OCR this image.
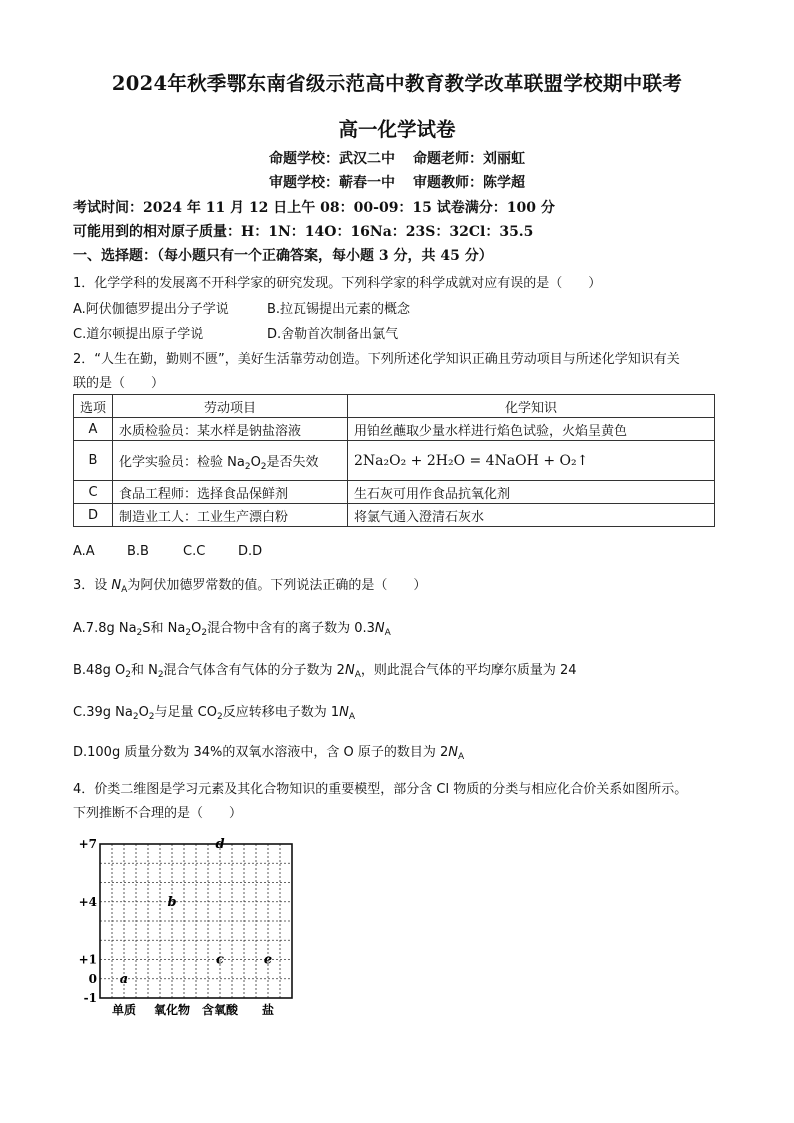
2024年秋季鄂东南省级示范高中教育教学改革联盟学校期中联考
高一化学试卷
命题学校：武汉二中 命题老师：刘丽虹
审题学校：蕲春一中 审题教师：陈学超
考试时间：2024 年 11 月 12 日上午 08：00-09：15 试卷满分：100 分
可能用到的相对原子质量：H：1N：14O：16Na：23S：32Cl：35.5
一、选择题：（每小题只有一个正确答案，每小题 3 分，共 45 分）
1．化学学科的发展离不开科学家的研究发现。下列科学家的科学成就对应有误的是（　　）
A.阿伏伽德罗提出分子学说	B.拉瓦锡提出元素的概念
C.道尔顿提出原子学说	D.舍勒首次制备出氯气
2．“人生在勤，勤则不匮”，美好生活靠劳动创造。下列所述化学知识正确且劳动项目与所述化学知识有关
联的是（　　）
选项	劳动项目	化学知识
A	水质检验员：某水样是钠盐溶液	用铂丝蘸取少量水样进行焰色试验，火焰呈黄色
B	化学实验员：检验 $Na_2O_2$是否失效	2Na₂O₂ + 2H₂O = 4NaOH + O₂↑
C	食品工程师：选择食品保鲜剂	生石灰可用作食品抗氧化剂
D	制造业工人：工业生产漂白粉	将氯气通入澄清石灰水
A.A B.B	C.C	D.D
3．设 $N_A$为阿伏加德罗常数的值。下列说法正确的是（　　）
A.7.8g $Na_2S$和 $Na_2O_2$混合物中含有的离子数为 $0.3N_A$
B.48g $O_2$和 $N_2$混合气体含有气体的分子数为 $2N_A$，则此混合气体的平均摩尔质量为 24
C.39g $Na_2O_2$与足量 $CO_2$反应转移电子数为 $1N_A$
D.100g 质量分数为 34%的双氧水溶液中，含 O 原子的数目为 $2N_A$
4．价类二维图是学习元素及其化合物知识的重要模型，部分含 Cl 物质的分类与相应化合价关系如图所示。
下列推断不合理的是（　　）
+7
+4
+1
0
-1
单质 氧化物 含氧酸 盐
a
b
c
d
e
